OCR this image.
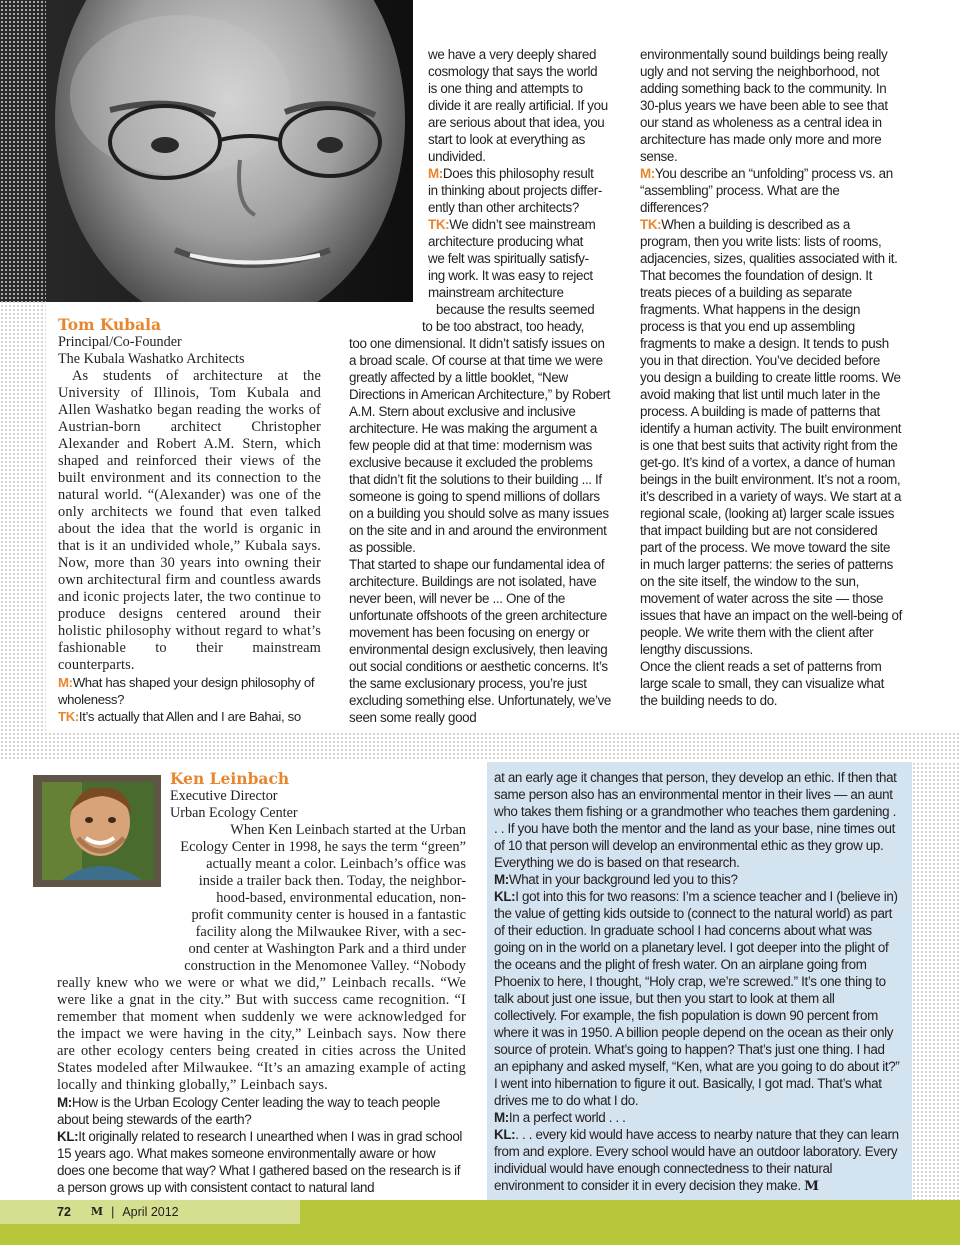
Tom Kubala
Principal/Co-Founder
The Kubala Washatko Architects

As students of architecture at the University of Illinois, Tom Kubala and Allen Washatko began reading the works of Austrian-born architect Christopher Alexander and Robert A.M. Stern, which shaped and reinforced their views of the built environment and its connection to the natural world. “(Alexander) was one of the only architects we found that even talked about the idea that the world is organic in that is it an undivided whole,” Kubala says. Now, more than 30 years into owning their own architectural firm and countless awards and iconic projects later, the two continue to produce designs centered around their holistic philosophy without regard to what’s fashionable to their mainstream counterparts.

M:What has shaped your design philosophy of wholeness?

TK:It’s actually that Allen and I are Bahai, so

we have a very deeply shared
cosmology that says the world
is one thing and attempts to
divide it are really artificial. If you
are serious about that idea, you
start to look at everything as
undivided.
M:Does this philosophy result
in thinking about projects differ-
ently than other architects?
TK:We didn’t see mainstream
architecture producing what
we felt was spiritually satisfy-
ing work. It was easy to reject
mainstream architecture
because the results seemed
to be too abstract, too heady,

too one dimensional. It didn’t satisfy issues on a broad scale. Of course at that time we were greatly affected by a little booklet, “New Directions in American Architecture,” by Robert A.M. Stern about exclusive and inclusive architecture. He was making the argument a few people did at that time: modernism was exclusive because it excluded the problems that didn’t fit the solutions to their building ... If someone is going to spend millions of dollars on a building you should solve as many issues on the site and in and around the environment as possible.

That started to shape our fundamental idea of architecture. Buildings are not isolated, have never been, will never be ... One of the unfortunate offshoots of the green architecture movement has been focusing on energy or environmental design exclusively, then leaving out social conditions or aesthetic concerns. It’s the same exclusionary process, you’re just excluding something else. Unfortunately, we’ve seen some really good

environmentally sound buildings being really ugly and not serving the neighborhood, not adding something back to the community. In 30-plus years we have been able to see that our stand as wholeness as a central idea in architecture has made only more and more sense.

M:You describe an “unfolding” process vs. an “assembling” process. What are the differences?

TK:When a building is described as a program, then you write lists: lists of rooms, adjacencies, sizes, qualities associated with it. That becomes the foundation of design. It treats pieces of a building as separate fragments. What happens in the design process is that you end up assembling fragments to make a design. It tends to push you in that direction. You’ve decided before you design a building to create little rooms. We avoid making that list until much later in the process. A building is made of patterns that identify a human activity. The built environment is one that best suits that activity right from the get-go. It’s kind of a vortex, a dance of human beings in the built environment. It’s not a room, it’s described in a variety of ways. We start at a regional scale, (looking at) larger scale issues that impact building but are not considered part of the process. We move toward the site in much larger patterns: the series of patterns on the site itself, the window to the sun, movement of water across the site — those issues that have an impact on the well-being of people. We write them with the client after lengthy discussions.

Once the client reads a set of patterns from large scale to small, they can visualize what the building needs to do.

Ken Leinbach
Executive Director
Urban Ecology Center
When Ken Leinbach started at the Urban
Ecology Center in 1998, he says the term “green”
actually meant a color. Leinbach’s office was
inside a trailer back then. Today, the neighbor-
hood-based, environmental education, non-
profit community center is housed in a fantastic
facility along the Milwaukee River, with a sec-
ond center at Washington Park and a third under
construction in the Menomonee Valley. “Nobody

really knew who we were or what we did,” Leinbach recalls. “We were like a gnat in the city.” But with success came recognition. “I remember that moment when suddenly we were acknowledged for the impact we were having in the city,” Leinbach says. Now there are other ecology centers being created in cities across the United States modeled after Milwaukee. “It’s an amazing example of acting locally and thinking globally,” Leinbach says.

M:How is the Urban Ecology Center leading the way to teach people about being stewards of the earth?

KL:It originally related to research I unearthed when I was in grad school 15 years ago. What makes someone environmentally aware or how does one become that way? What I gathered based on the research is if a person grows up with consistent contact to natural land

at an early age it changes that person, they develop an ethic. If then that same person also has an environmental mentor in their lives — an aunt who takes them fishing or a grandmother who teaches them gardening . . . If you have both the mentor and the land as your base, nine times out of 10 that person will develop an environmental ethic as they grow up. Everything we do is based on that research.

M:What in your background led you to this?

KL:I got into this for two reasons: I’m a science teacher and I (believe in) the value of getting kids outside to (connect to the natural world) as part of their eduction. In graduate school I had concerns about what was going on in the world on a planetary level. I got deeper into the plight of the oceans and the plight of fresh water. On an airplane going from Phoenix to here, I thought, “Holy crap, we’re screwed.” It’s one thing to talk about just one issue, but then you start to look at them all collectively. For example, the fish population is down 90 percent from where it was in 1950. A billion people depend on the ocean as their only source of protein. What’s going to happen? That’s just one thing. I had an epiphany and asked myself, “Ken, what are you going to do about it?” I went into hibernation to figure it out. Basically, I got mad. That’s what drives me to do what I do.

M:In a perfect world . . .

KL:. . . every kid would have access to nearby nature that they can learn from and explore. Every school would have an outdoor laboratory. Every individual would have enough connectedness to their natural environment to consider it in every decision they make. M

72 M | April 2012
